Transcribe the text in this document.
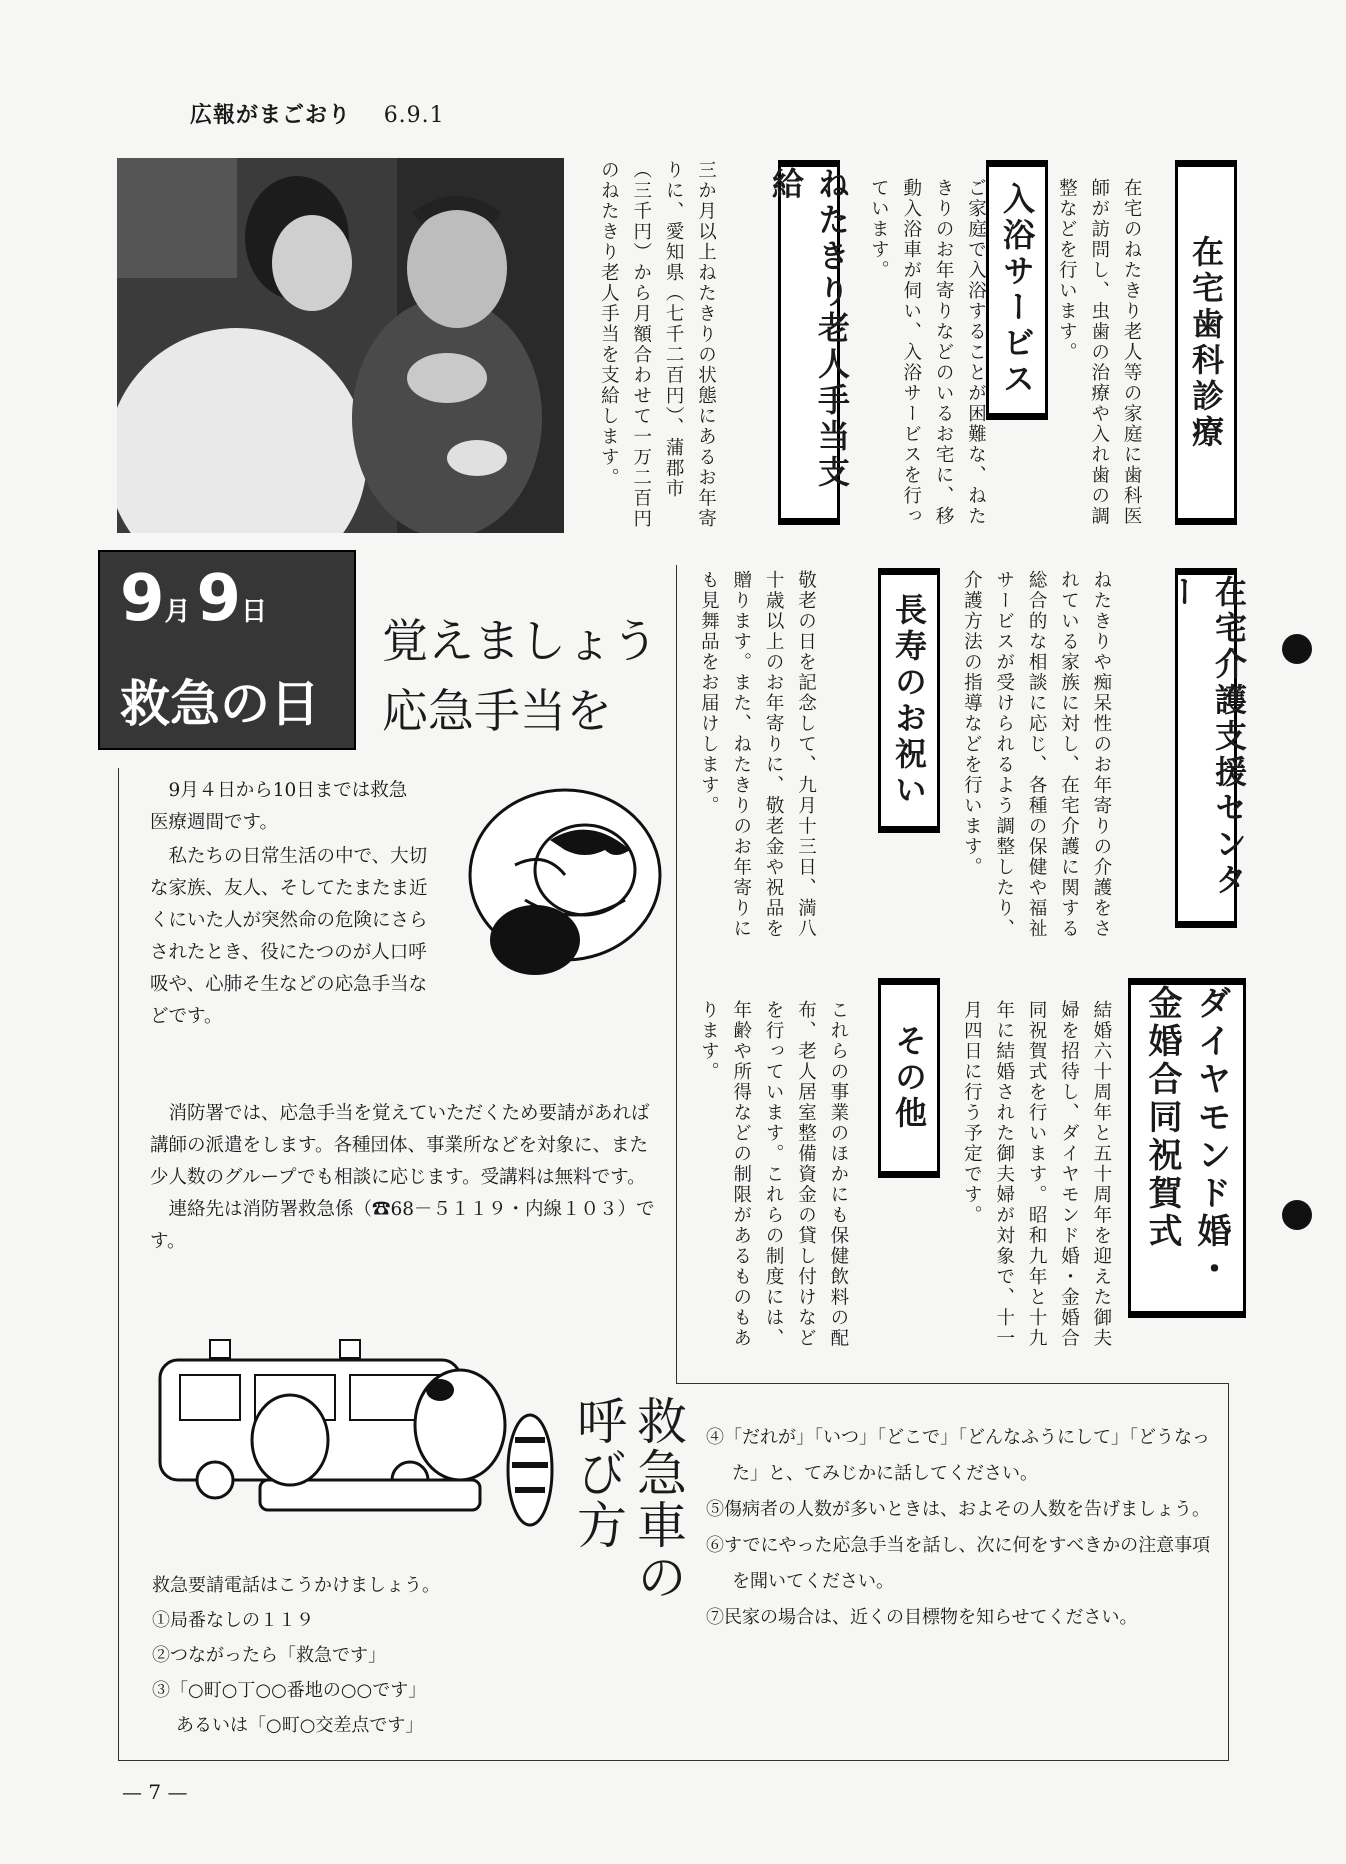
広報がまごおり 6.9.1
在宅歯科診療
在宅のねたきり老人等の家庭に歯科医師が訪問し、虫歯の治療や入れ歯の調整などを行います。
入浴サービス
ご家庭で入浴することが困難な、ねたきりのお年寄りなどのいるお宅に、移動入浴車が伺い、入浴サービスを行っています。
ねたきり老人手当支給
三か月以上ねたきりの状態にあるお年寄りに、愛知県（七千二百円）、蒲郡市（三千円）から月額合わせて一万二百円のねたきり老人手当を支給します。
在宅介護支援センター
ねたきりや痴呆性のお年寄りの介護をされている家族に対し、在宅介護に関する総合的な相談に応じ、各種の保健や福祉サービスが受けられるよう調整したり、介護方法の指導などを行います。
長寿のお祝い
敬老の日を記念して、九月十三日、満八十歳以上のお年寄りに、敬老金や祝品を贈ります。また、ねたきりのお年寄りにも見舞品をお届けします。
ダイヤモンド婚・金婚合同祝賀式
結婚六十周年と五十周年を迎えた御夫婦を招待し、ダイヤモンド婚・金婚合同祝賀式を行います。昭和九年と十九年に結婚された御夫婦が対象で、十一月四日に行う予定です。
その他
これらの事業のほかにも保健飲料の配布、老人居室整備資金の貸し付けなどを行っています。これらの制度には、年齢や所得などの制限があるものもあります。
9月9日
救急の日
覚えましょう
応急手当を
9月４日から10日までは救急医療週間です。

私たちの日常生活の中で、大切な家族、友人、そしてたまたま近くにいた人が突然命の危険にさらされたとき、役にたつのが人口呼吸や、心肺そ生などの応急手当などです。

消防署では、応急手当を覚えていただくため要請があれば講師の派遣をします。各種団体、事業所などを対象に、また少人数のグループでも相談に応じます。受講料は無料です。

連絡先は消防署救急係（☎68－５１１９・内線１０３）です。

救急車の
呼び方
救急要請電話はこうかけましょう。
①局番なしの１１９
②つながったら「救急です」
③「○町○丁○○番地の○○です」
あるいは「○町○交差点です」
④「だれが」「いつ」「どこで」「どんなふうにして」「どうなった」と、てみじかに話してください。
⑤傷病者の人数が多いときは、およその人数を告げましょう。
⑥すでにやった応急手当を話し、次に何をすべきかの注意事項を聞いてください。
⑦民家の場合は、近くの目標物を知らせてください。
— 7 —
